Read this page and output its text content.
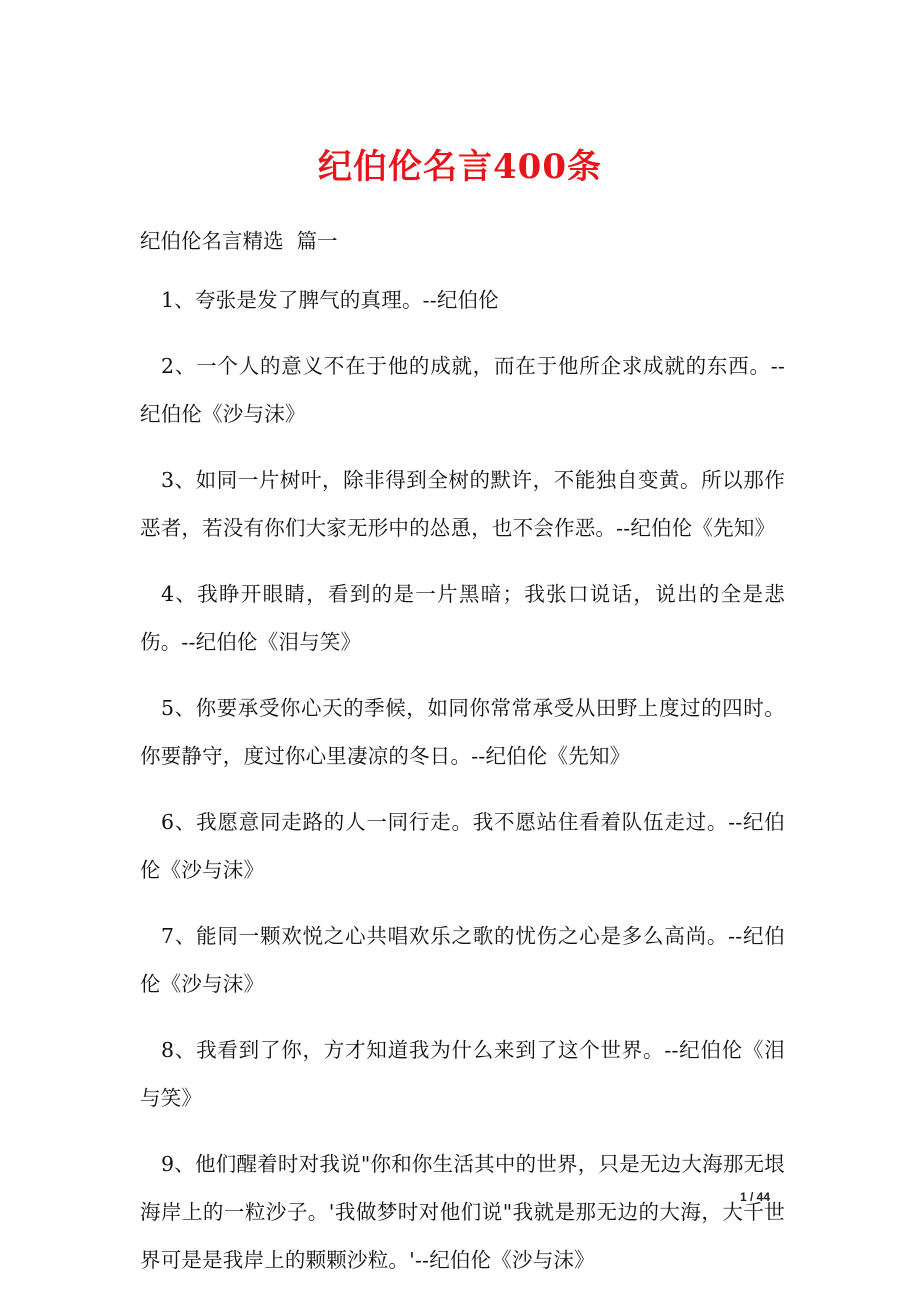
纪伯伦名言400条
纪伯伦名言精选  篇一

1、夸张是发了脾气的真理。--纪伯伦

2、一个人的意义不在于他的成就，而在于他所企求成就的东西。--纪伯伦《沙与沫》

3、如同一片树叶，除非得到全树的默许，不能独自变黄。所以那作恶者，若没有你们大家无形中的怂恿，也不会作恶。--纪伯伦《先知》

4、我睁开眼睛，看到的是一片黑暗；我张口说话，说出的全是悲伤。--纪伯伦《泪与笑》

5、你要承受你心天的季候，如同你常常承受从田野上度过的四时。你要静守，度过你心里凄凉的冬日。--纪伯伦《先知》

6、我愿意同走路的人一同行走。我不愿站住看着队伍走过。--纪伯伦《沙与沫》

7、能同一颗欢悦之心共唱欢乐之歌的忧伤之心是多么高尚。--纪伯伦《沙与沫》

8、我看到了你，方才知道我为什么来到了这个世界。--纪伯伦《泪与笑》

9、他们醒着时对我说"你和你生活其中的世界，只是无边大海那无垠海岸上的一粒沙子。'我做梦时对他们说"我就是那无边的大海，大千世界可是是我岸上的颗颗沙粒。'--纪伯伦《沙与沫》

1 / 44
